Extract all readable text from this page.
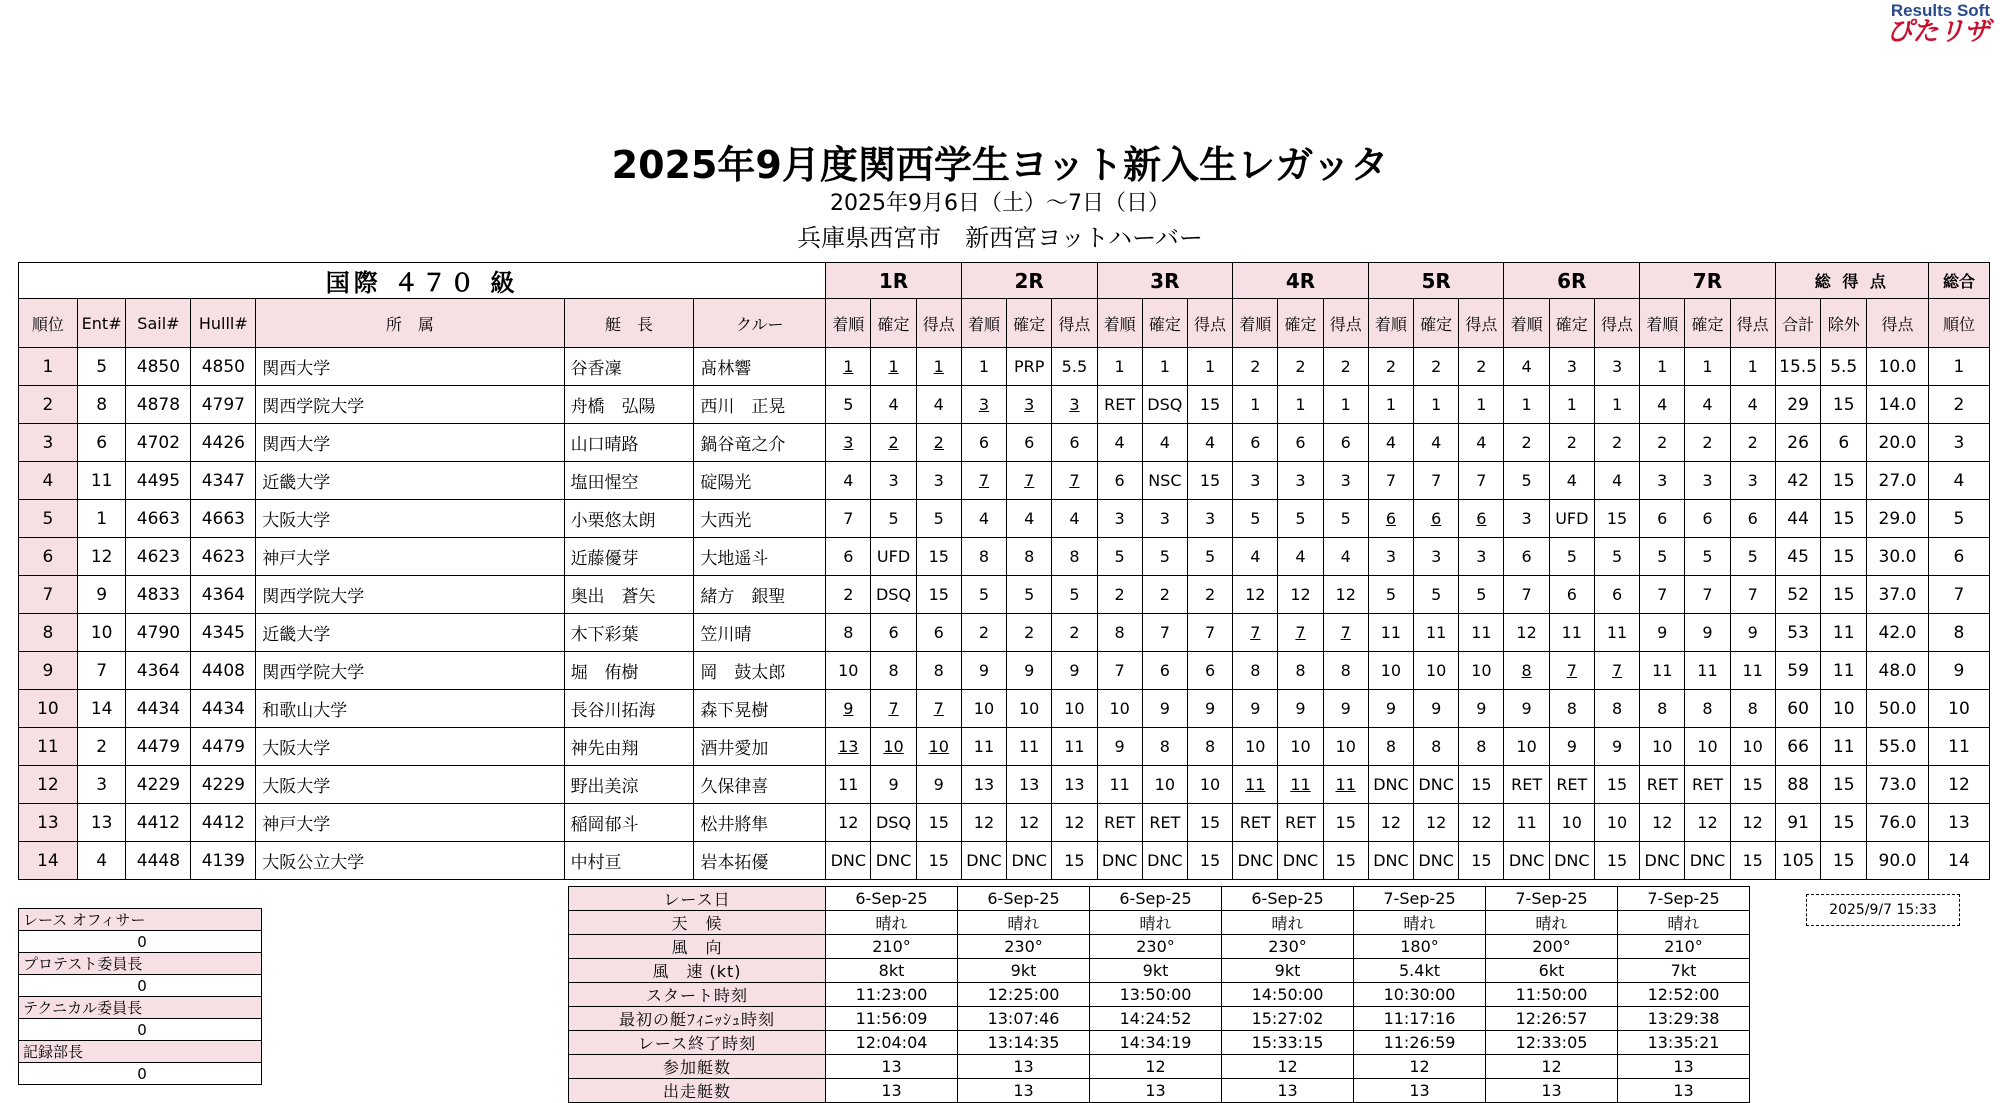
Results Soft
ぴたリザ
2025年9月度関西学生ヨット新入生レガッタ
2025年9月6日（土）～7日（日）
兵庫県西宮市　新西宮ヨットハーバー
国際 ４７０ 級							1R			2R			3R			4R			5R			6R			7R			総 得 点			総合
順位	Ent#	Sail#	Hulll#	所　属	艇　長	クルー	着順	確定	得点	着順	確定	得点	着順	確定	得点	着順	確定	得点	着順	確定	得点	着順	確定	得点	着順	確定	得点	合計	除外	得点	順位
1	5	4850	4850	関西大学	谷香凜	髙林響	1	1	1	1	PRP	5.5	1	1	1	2	2	2	2	2	2	4	3	3	1	1	1	15.5	5.5	10.0	1
2	8	4878	4797	関西学院大学	舟橋　弘陽	西川　正晃	5	4	4	3	3	3	RET	DSQ	15	1	1	1	1	1	1	1	1	1	4	4	4	29	15	14.0	2
3	6	4702	4426	関西大学	山口晴路	鍋谷竜之介	3	2	2	6	6	6	4	4	4	6	6	6	4	4	4	2	2	2	2	2	2	26	6	20.0	3
4	11	4495	4347	近畿大学	塩田惺空	碇陽光	4	3	3	7	7	7	6	NSC	15	3	3	3	7	7	7	5	4	4	3	3	3	42	15	27.0	4
5	1	4663	4663	大阪大学	小栗悠太朗	大西光	7	5	5	4	4	4	3	3	3	5	5	5	6	6	6	3	UFD	15	6	6	6	44	15	29.0	5
6	12	4623	4623	神戸大学	近藤優芽	大地遥斗	6	UFD	15	8	8	8	5	5	5	4	4	4	3	3	3	6	5	5	5	5	5	45	15	30.0	6
7	9	4833	4364	関西学院大学	奥出　蒼矢	緒方　銀聖	2	DSQ	15	5	5	5	2	2	2	12	12	12	5	5	5	7	6	6	7	7	7	52	15	37.0	7
8	10	4790	4345	近畿大学	木下彩葉	笠川晴	8	6	6	2	2	2	8	7	7	7	7	7	11	11	11	12	11	11	9	9	9	53	11	42.0	8
9	7	4364	4408	関西学院大学	堀　侑樹	岡　鼓太郎	10	8	8	9	9	9	7	6	6	8	8	8	10	10	10	8	7	7	11	11	11	59	11	48.0	9
10	14	4434	4434	和歌山大学	長谷川拓海	森下晃樹	9	7	7	10	10	10	10	9	9	9	9	9	9	9	9	9	8	8	8	8	8	60	10	50.0	10
11	2	4479	4479	大阪大学	神先由翔	酒井愛加	13	10	10	11	11	11	9	8	8	10	10	10	8	8	8	10	9	9	10	10	10	66	11	55.0	11
12	3	4229	4229	大阪大学	野出美涼	久保律喜	11	9	9	13	13	13	11	10	10	11	11	11	DNC	DNC	15	RET	RET	15	RET	RET	15	88	15	73.0	12
13	13	4412	4412	神戸大学	稲岡郁斗	松井將隼	12	DSQ	15	12	12	12	RET	RET	15	RET	RET	15	12	12	12	11	10	10	12	12	12	91	15	76.0	13
14	4	4448	4139	大阪公立大学	中村亘	岩本拓優	DNC	DNC	15	DNC	DNC	15	DNC	DNC	15	DNC	DNC	15	DNC	DNC	15	DNC	DNC	15	DNC	DNC	15	105	15	90.0	14
レース オフィサー
0
プロテスト委員長
0
テクニカル委員長
0
記録部長
0
レース日	6-Sep-25	6-Sep-25	6-Sep-25	6-Sep-25	7-Sep-25	7-Sep-25	7-Sep-25
天　候	晴れ	晴れ	晴れ	晴れ	晴れ	晴れ	晴れ
風　向	210°	230°	230°	230°	180°	200°	210°
風　速 (kt)	8kt	9kt	9kt	9kt	5.4kt	6kt	7kt
スタート時刻	11:23:00	12:25:00	13:50:00	14:50:00	10:30:00	11:50:00	12:52:00
最初の艇ﾌｨﾆｯｼｭ時刻	11:56:09	13:07:46	14:24:52	15:27:02	11:17:16	12:26:57	13:29:38
レース終了時刻	12:04:04	13:14:35	14:34:19	15:33:15	11:26:59	12:33:05	13:35:21
参加艇数	13	13	12	12	12	12	13
出走艇数	13	13	13	13	13	13	13
2025/9/7 15:33
